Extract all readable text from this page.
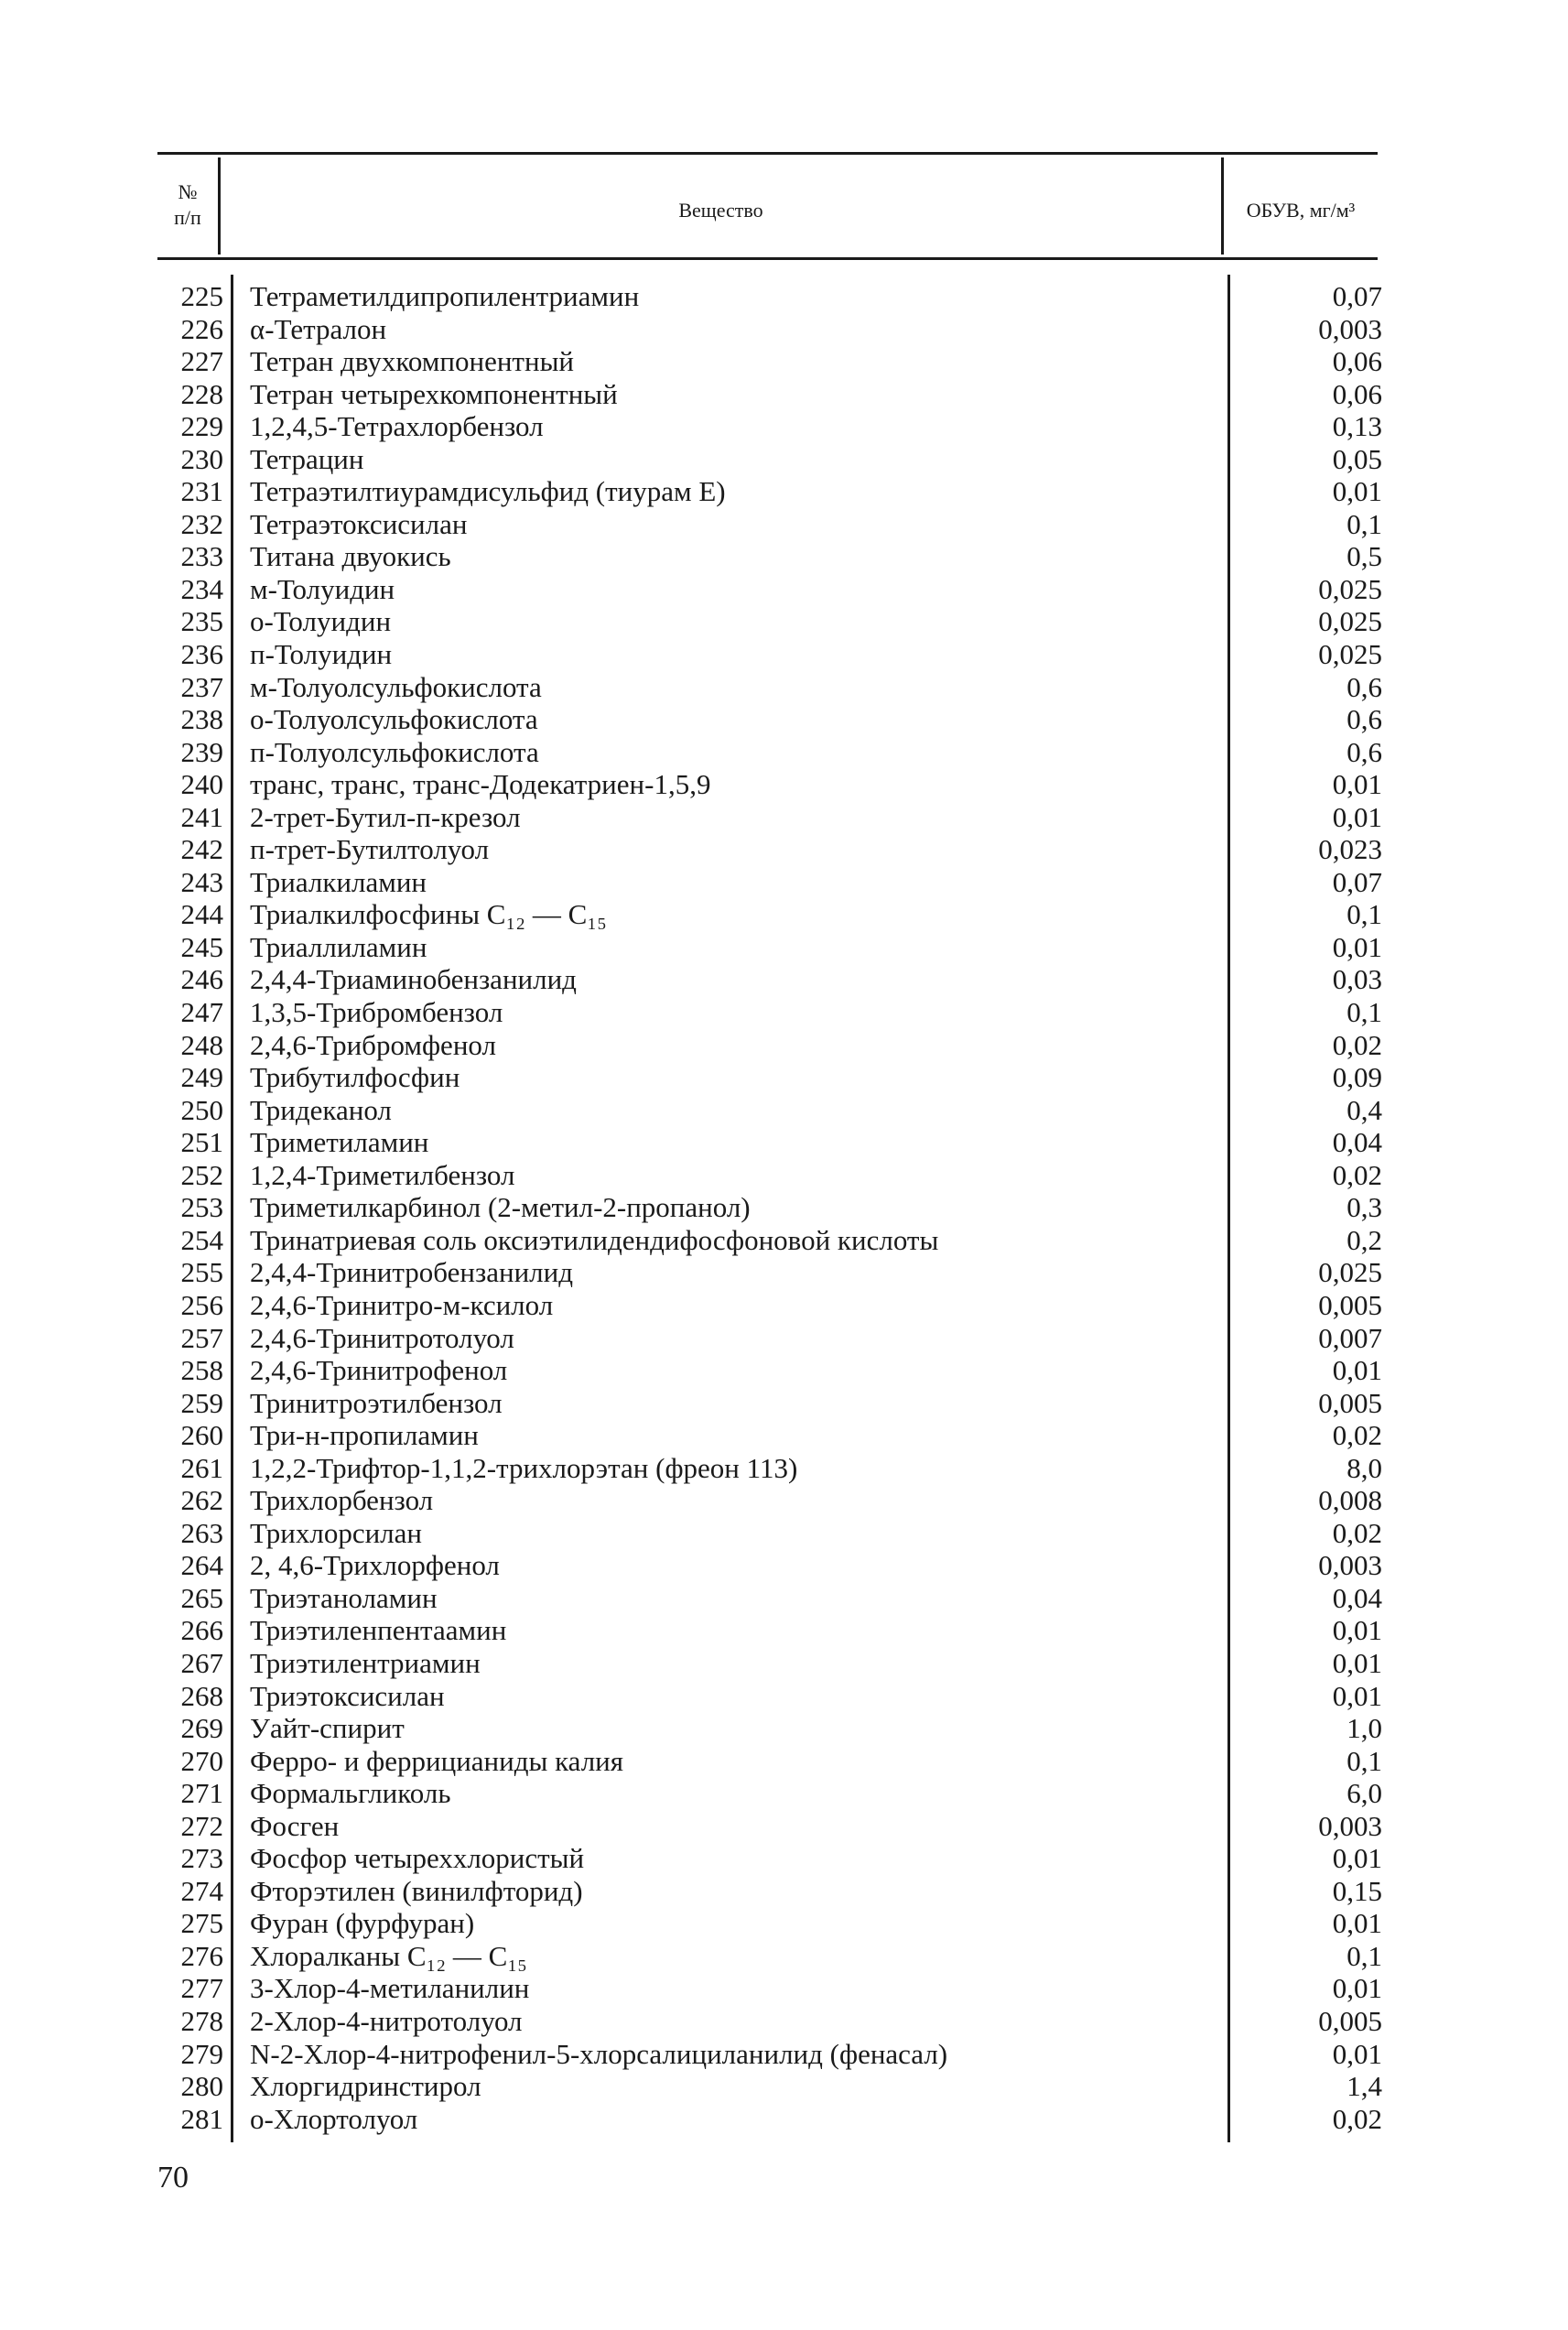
№
п/п	Вещество	ОБУВ, мг/м³
225 Тетраметилдипропилентриамин	0,07
226 α-Тетралон	0,003
227 Тетран двухкомпонентный	0,06
228 Тетран четырехкомпонентный	0,06
229 1,2,4,5-Тетрахлорбензол	0,13
230 Тетрацин	0,05
231 Тетраэтилтиурамдисульфид (тиурам Е)	0,01
232 Тетраэтоксисилан	0,1
233 Титана двуокись	0,5
234 м-Толуидин	0,025
235 о-Толуидин	0,025
236 п-Толуидин	0,025
237 м-Толуолсульфокислота	0,6
238 о-Толуолсульфокислота	0,6
239 п-Толуолсульфокислота	0,6
240 транс, транс, транс-Додекатриен-1,5,9	0,01
241 2-трет-Бутил-п-крезол	0,01
242 п-трет-Бутилтолуол	0,023
243 Триалкиламин	0,07
244 Триалкилфосфины C₁₂ — C₁₅	0,1
245 Триаллиламин	0,01
246 2,4,4-Триаминобензанилид	0,03
247 1,3,5-Трибромбензол	0,1
248 2,4,6-Трибромфенол	0,02
249 Трибутилфосфин	0,09
250 Тридеканол	0,4
251 Триметиламин	0,04
252 1,2,4-Триметилбензол	0,02
253 Триметилкарбинол (2-метил-2-пропанол)	0,3
254 Тринатриевая соль оксиэтилидендифосфоновой кислоты	0,2
255 2,4,4-Тринитробензанилид	0,025
256 2,4,6-Тринитро-м-ксилол	0,005
257 2,4,6-Тринитротолуол	0,007
258 2,4,6-Тринитрофенол	0,01
259 Тринитроэтилбензол	0,005
260 Три-н-пропиламин	0,02
261 1,2,2-Трифтор-1,1,2-трихлорэтан (фреон 113)	8,0
262 Трихлорбензол	0,008
263 Трихлорсилан	0,02
264 2, 4,6-Трихлорфенол	0,003
265 Триэтаноламин	0,04
266 Триэтиленпентаамин	0,01
267 Триэтилентриамин	0,01
268 Триэтоксисилан	0,01
269 Уайт-спирит	1,0
270 Ферро- и феррицианиды калия	0,1
271 Формальгликоль	6,0
272 Фосген	0,003
273 Фосфор четыреххлористый	0,01
274 Фторэтилен (винилфторид)	0,15
275 Фуран (фурфуран)	0,01
276 Хлоралканы C₁₂ — C₁₅	0,1
277 3-Хлор-4-метиланилин	0,01
278 2-Хлор-4-нитротолуол	0,005
279 N-2-Хлор-4-нитрофенил-5-хлорсалициланилид (фенасал)	0,01
280 Хлоргидринстирол	1,4
281 о-Хлортолуол	0,02
70
